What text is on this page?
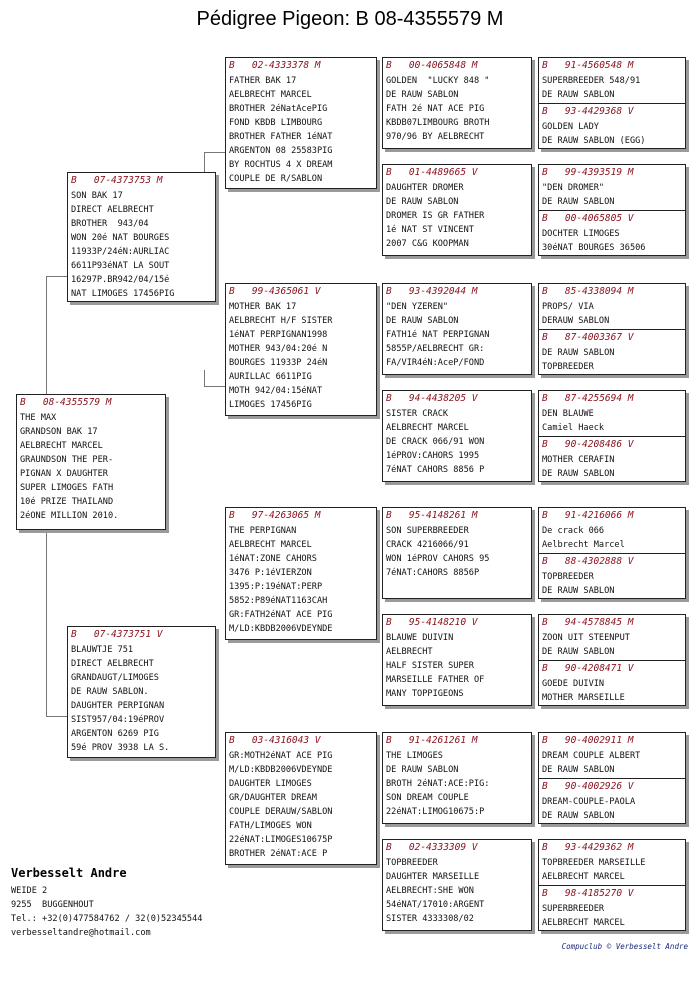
Pédigree Pigeon: B 08-4355579 M
B   08-4355579 M
THE MAX
GRANDSON BAK 17
AELBRECHT MARCEL
GRAUNDSON THE PER-
PIGNAN X DAUGHTER
SUPER LIMOGES FATH
10é PRIZE THAILAND
2éONE MILLION 2010.
B   07-4373753 M
SON BAK 17
DIRECT AELBRECHT
BROTHER  943/04
WON 20é NAT BOURGES
11933P/24éN:AURLIAC
6611P93éNAT LA SOUT
16297P.BR942/04/15é
NAT LIMOGES 17456PIG
B   07-4373751 V
BLAUWTJE 751
DIRECT AELBRECHT
GRANDAUGT/LIMOGES
DE RAUW SABLON.
DAUGHTER PERPIGNAN
SIST957/04:19éPROV
ARGENTON 6269 PIG
59é PROV 3938 LA S.
B   02-4333378 M
FATHER BAK 17
AELBRECHT MARCEL
BROTHER 2éNatAcePIG
FOND KBDB LIMBOURG
BROTHER FATHER 1éNAT
ARGENTON 08 25583PIG
BY ROCHTUS 4 X DREAM
COUPLE DE R/SABLON
B   99-4365061 V
MOTHER BAK 17
AELBRECHT H/F SISTER
1éNAT PERPIGNAN1998
MOTHER 943/04:20é N
BOURGES 11933P 24éN
AURILLAC 6611PIG
MOTH 942/04:15éNAT
LIMOGES 17456PIG
B   97-4263065 M
THE PERPIGNAN
AELBRECHT MARCEL
1éNAT:ZONE CAHORS
3476 P:1éVIERZON
1395:P:19éNAT:PERP
5852:P89éNAT1163CAH
GR:FATH2éNAT ACE PIG
M/LD:KBDB2006VDEYNDE
B   03-4316043 V
GR:MOTH2éNAT ACE PIG
M/LD:KBDB2006VDEYNDE
DAUGHTER LIMOGES
GR/DAUGHTER DREAM
COUPLE DERAUW/SABLON
FATH/LIMOGES WON
22éNAT:LIMOGES10675P
BROTHER 2éNAT:ACE P
B   00-4065848 M
GOLDEN  "LUCKY 848 "
DE RAUW SABLON
FATH 2é NAT ACE PIG
KBDB07LIMBOURG BROTH
970/96 BY AELBRECHT
B   01-4489665 V
DAUGHTER DROMER
DE RAUW SABLON
DROMER IS GR FATHER
1é NAT ST VINCENT
2007 C&G KOOPMAN
B   93-4392044 M
"DEN YZEREN"
DE RAUW SABLON
FATH1é NAT PERPIGNAN
5855P/AELBRECHT GR:
FA/VIR4éN:AceP/FOND
B   94-4438205 V
SISTER CRACK
AELBRECHT MARCEL
DE CRACK 066/91 WON
1éPROV:CAHORS 1995
7éNAT CAHORS 8856 P
B   95-4148261 M
SON SUPERBREEDER
CRACK 4216066/91
WON 1éPROV CAHORS 95
7éNAT:CAHORS 8856P
B   95-4148210 V
BLAUWE DUIVIN
AELBRECHT
HALF SISTER SUPER
MARSEILLE FATHER OF
MANY TOPPIGEONS
B   91-4261261 M
THE LIMOGES
DE RAUW SABLON
BROTH 2éNAT:ACE:PIG:
SON DREAM COUPLE
22éNAT:LIMOG10675:P
B   02-4333309 V
TOPBREEDER
DAUGHTER MARSEILLE
AELBRECHT:SHE WON
54éNAT/17010:ARGENT
SISTER 4333308/02
B   91-4560548 M
SUPERBREEDER 548/91
DE RAUW SABLON
B   93-4429368 V
GOLDEN LADY
DE RAUW SABLON (EGG)
B   99-4393519 M
"DEN DROMER"
DE RAUW SABLON
B   00-4065805 V
DOCHTER LIMOGES
30éNAT BOURGES 36506
B   85-4338094 M
PROPS/ VIA
DERAUW SABLON
B   87-4003367 V
DE RAUW SABLON
TOPBREEDER
B   87-4255694 M
DEN BLAUWE
Camiel Haeck
B   90-4208486 V
MOTHER CERAFIN
DE RAUW SABLON
B   91-4216066 M
De crack 066
Aelbrecht Marcel
B   88-4302888 V
TOPBREEDER
DE RAUW SABLON
B   94-4578845 M
ZOON UIT STEENPUT
DE RAUW SABLON
B   90-4208471 V
GOEDE DUIVIN
MOTHER MARSEILLE
B   90-4002911 M
DREAM COUPLE ALBERT
DE RAUW SABLON
B   90-4002926 V
DREAM-COUPLE-PAOLA
DE RAUW SABLON
B   93-4429362 M
TOPBREEDER MARSEILLE
AELBRECHT MARCEL
B   98-4185270 V
SUPERBREEDER
AELBRECHT MARCEL
Verbesselt Andre
WEIDE 2
9255  BUGGENHOUT
Tel.: +32(0)477584762 / 32(0)52345544
verbesseltandre@hotmail.com
Compuclub © Verbesselt Andre
